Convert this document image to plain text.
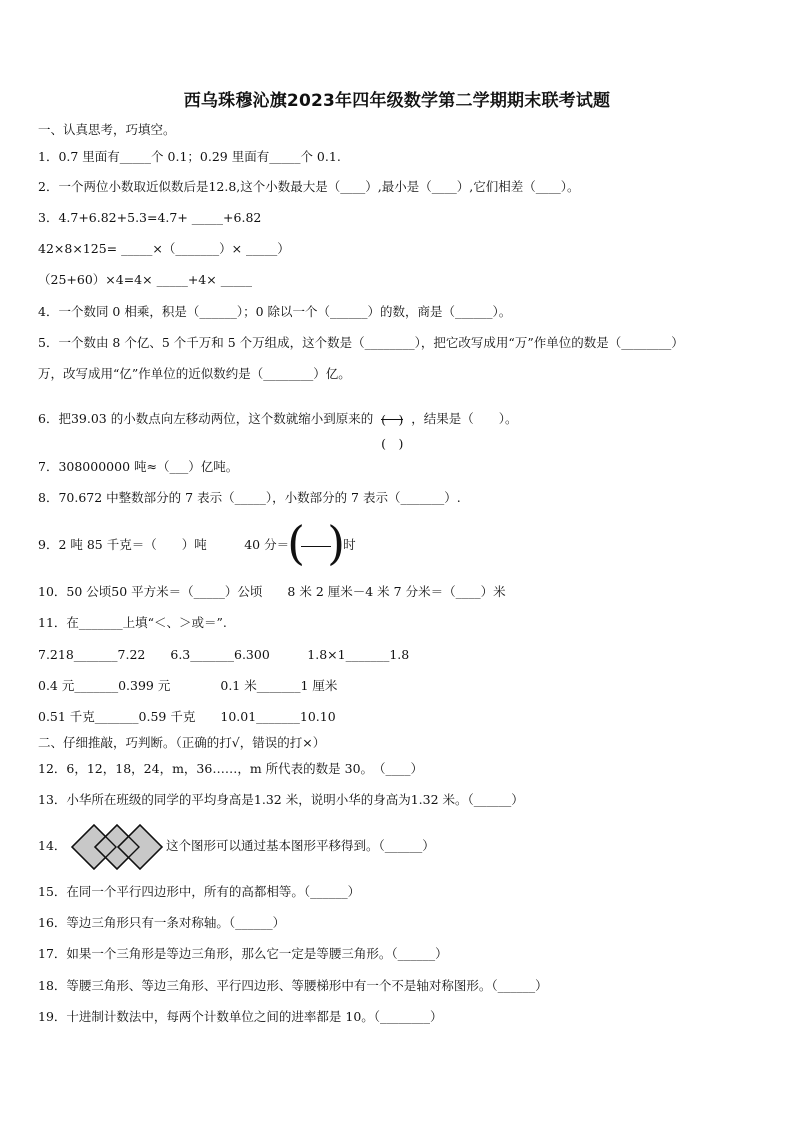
西乌珠穆沁旗2023年四年级数学第二学期期末联考试题
一、认真思考，巧填空。
1．0.7 里面有_____个 0.1；0.29 里面有_____个 0.1.
2．一个两位小数取近似数后是12.8,这个小数最大是（____）,最小是（____）,它们相差（____）。
3．4.7+6.82+5.3=4.7+ _____+6.82
42×8×125= _____×（_______）× _____）
（25+60）×4=4× _____+4× _____
4．一个数同 0 相乘，积是（______）；0 除以一个（______）的数，商是（______）。
5．一个数由 8 个亿、5 个千万和 5 个万组成，这个数是（________），把它改写成用“万”作单位的数是（________）
万，改写成用“亿”作单位的近似数约是（________）亿。
6．把39.03 的小数点向左移动两位，这个数就缩小到原来的 $\frac{( )}{( )}$ ，结果是（　　）。
7．308000000 吨≈（___）亿吨。
8．70.672 中整数部分的 7 表示（_____），小数部分的 7 表示（_______）.
9．2 吨 85 千克＝（　　）吨　　　40 分＝
( )
时
10．50 公顷50 平方米＝（_____）公顷　　8 米 2 厘米－4 米 7 分米＝（____）米
11．在_______上填“＜、＞或＝”.
7.218_______7.22　　6.3_______6.300　　　1.8×1_______1.8
0.4 元_______0.399 元　　　　0.1 米_______1 厘米
0.51 千克_______0.59 千克　　10.01_______10.10
二、仔细推敲，巧判断。（正确的打√，错误的打×）
12．6，12，18，24，m，36……，m 所代表的数是 30。　（____）
13．小华所在班级的同学的平均身高是1.32 米，说明小华的身高为1.32 米。（______）
14．	这个图形可以通过基本图形平移得到。（______）
15．在同一个平行四边形中，所有的高都相等。（______）
16．等边三角形只有一条对称轴。（______）
17．如果一个三角形是等边三角形，那么它一定是等腰三角形。（______）
18．等腰三角形、等边三角形、平行四边形、等腰梯形中有一个不是轴对称图形。（______）
19．十进制计数法中，每两个计数单位之间的进率都是 10。（________）
